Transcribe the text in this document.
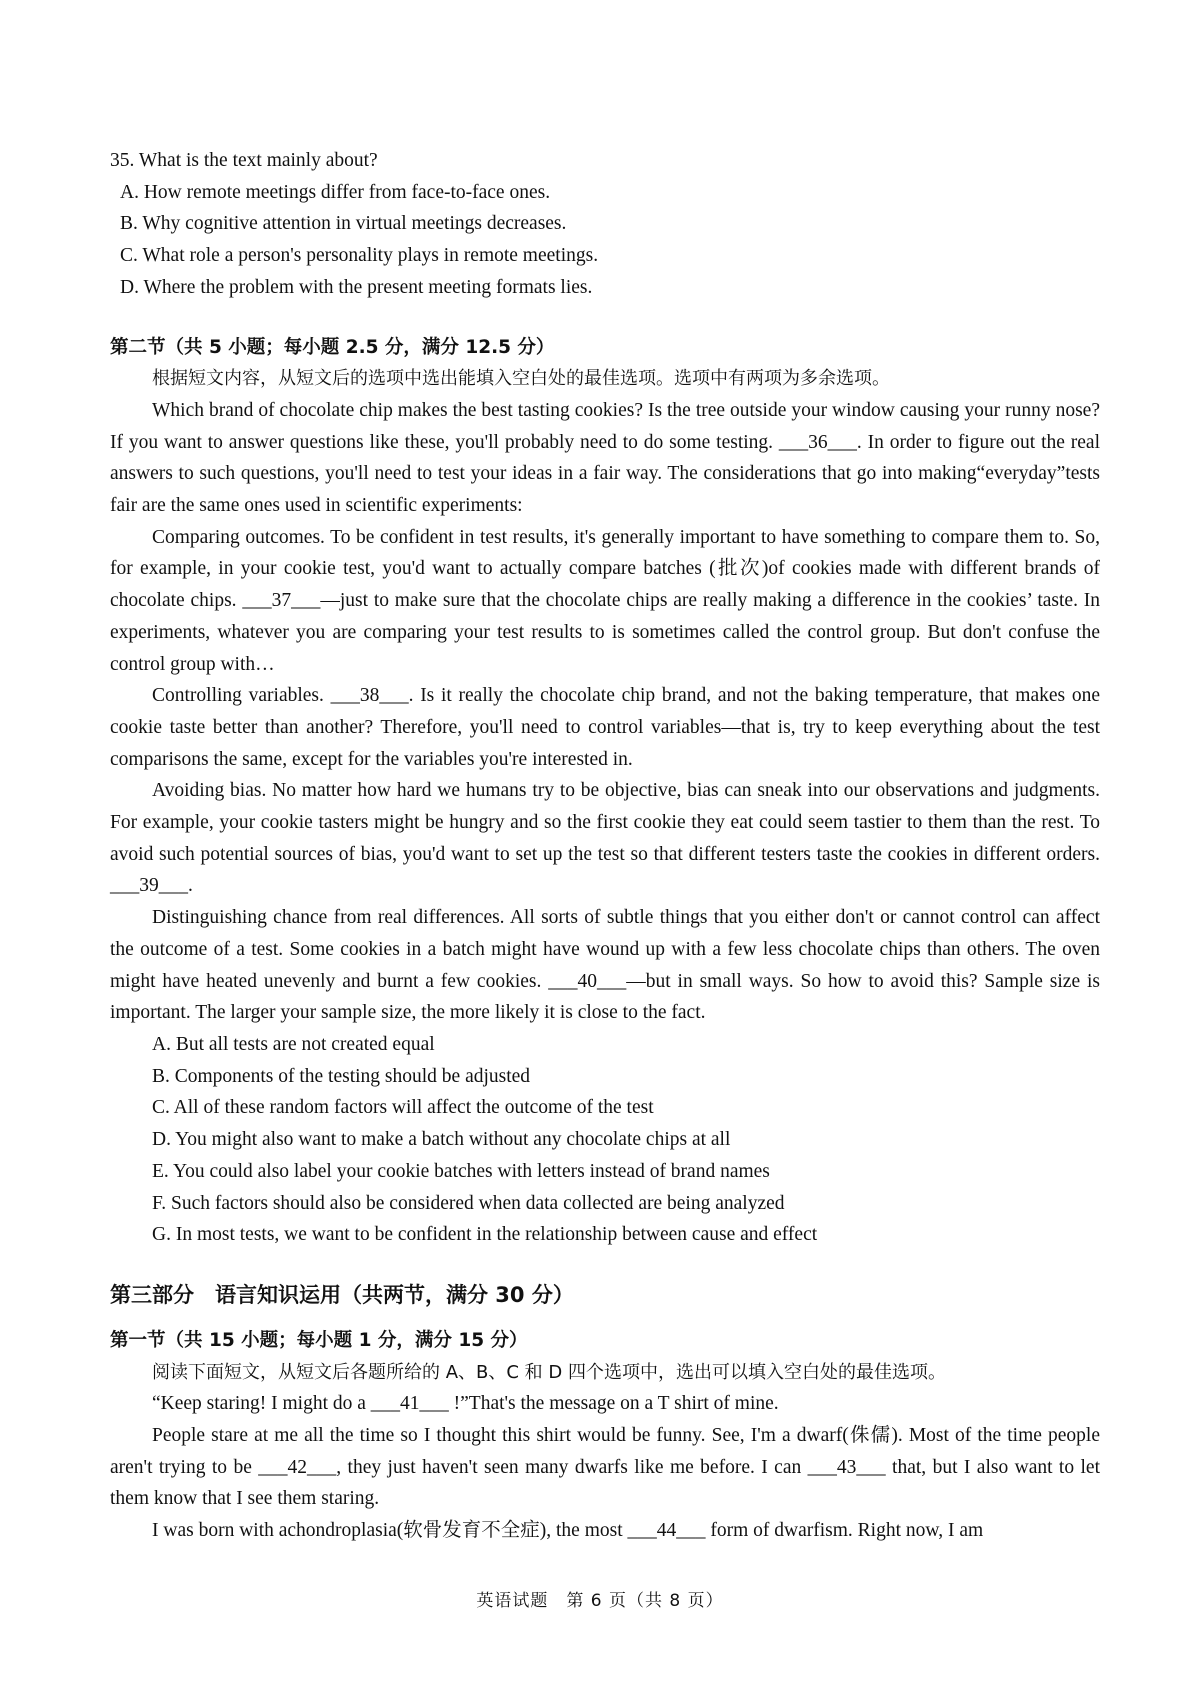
35. What is the text mainly about?

A. How remote meetings differ from face-to-face ones.

B. Why cognitive attention in virtual meetings decreases.

C. What role a person's personality plays in remote meetings.

D. Where the problem with the present meeting formats lies.

第二节（共 5 小题；每小题 2.5 分，满分 12.5 分）

根据短文内容，从短文后的选项中选出能填入空白处的最佳选项。选项中有两项为多余选项。

Which brand of chocolate chip makes the best tasting cookies? Is the tree outside your window causing your runny nose? If you want to answer questions like these, you'll probably need to do some testing. ___36___. In order to figure out the real answers to such questions, you'll need to test your ideas in a fair way. The considerations that go into making“everyday”tests fair are the same ones used in scientific experiments:

Comparing outcomes. To be confident in test results, it's generally important to have something to compare them to. So, for example, in your cookie test, you'd want to actually compare batches (批次)of cookies made with different brands of chocolate chips. ___37___—just to make sure that the chocolate chips are really making a difference in the cookies’ taste. In experiments, whatever you are comparing your test results to is sometimes called the control group. But don't confuse the control group with…

Controlling variables. ___38___. Is it really the chocolate chip brand, and not the baking temperature, that makes one cookie taste better than another? Therefore, you'll need to control variables—that is, try to keep everything about the test comparisons the same, except for the variables you're interested in.

Avoiding bias. No matter how hard we humans try to be objective, bias can sneak into our observations and judgments. For example, your cookie tasters might be hungry and so the first cookie they eat could seem tastier to them than the rest. To avoid such potential sources of bias, you'd want to set up the test so that different testers taste the cookies in different orders. ___39___.

Distinguishing chance from real differences. All sorts of subtle things that you either don't or cannot control can affect the outcome of a test. Some cookies in a batch might have wound up with a few less chocolate chips than others. The oven might have heated unevenly and burnt a few cookies. ___40___—but in small ways. So how to avoid this? Sample size is important. The larger your sample size, the more likely it is close to the fact.

A. But all tests are not created equal

B. Components of the testing should be adjusted

C. All of these random factors will affect the outcome of the test

D. You might also want to make a batch without any chocolate chips at all

E. You could also label your cookie batches with letters instead of brand names

F. Such factors should also be considered when data collected are being analyzed

G. In most tests, we want to be confident in the relationship between cause and effect

第三部分　语言知识运用（共两节，满分 30 分）

第一节（共 15 小题；每小题 1 分，满分 15 分）

阅读下面短文，从短文后各题所给的 A、B、C 和 D 四个选项中，选出可以填入空白处的最佳选项。

“Keep staring! I might do a ___41___ !”That's the message on a T shirt of mine.

People stare at me all the time so I thought this shirt would be funny. See, I'm a dwarf(侏儒). Most of the time people aren't trying to be ___42___, they just haven't seen many dwarfs like me before. I can ___43___ that, but I also want to let them know that I see them staring.

I was born with achondroplasia(软骨发育不全症), the most ___44___ form of dwarfism. Right now, I am

英语试题　第 6 页（共 8 页）
